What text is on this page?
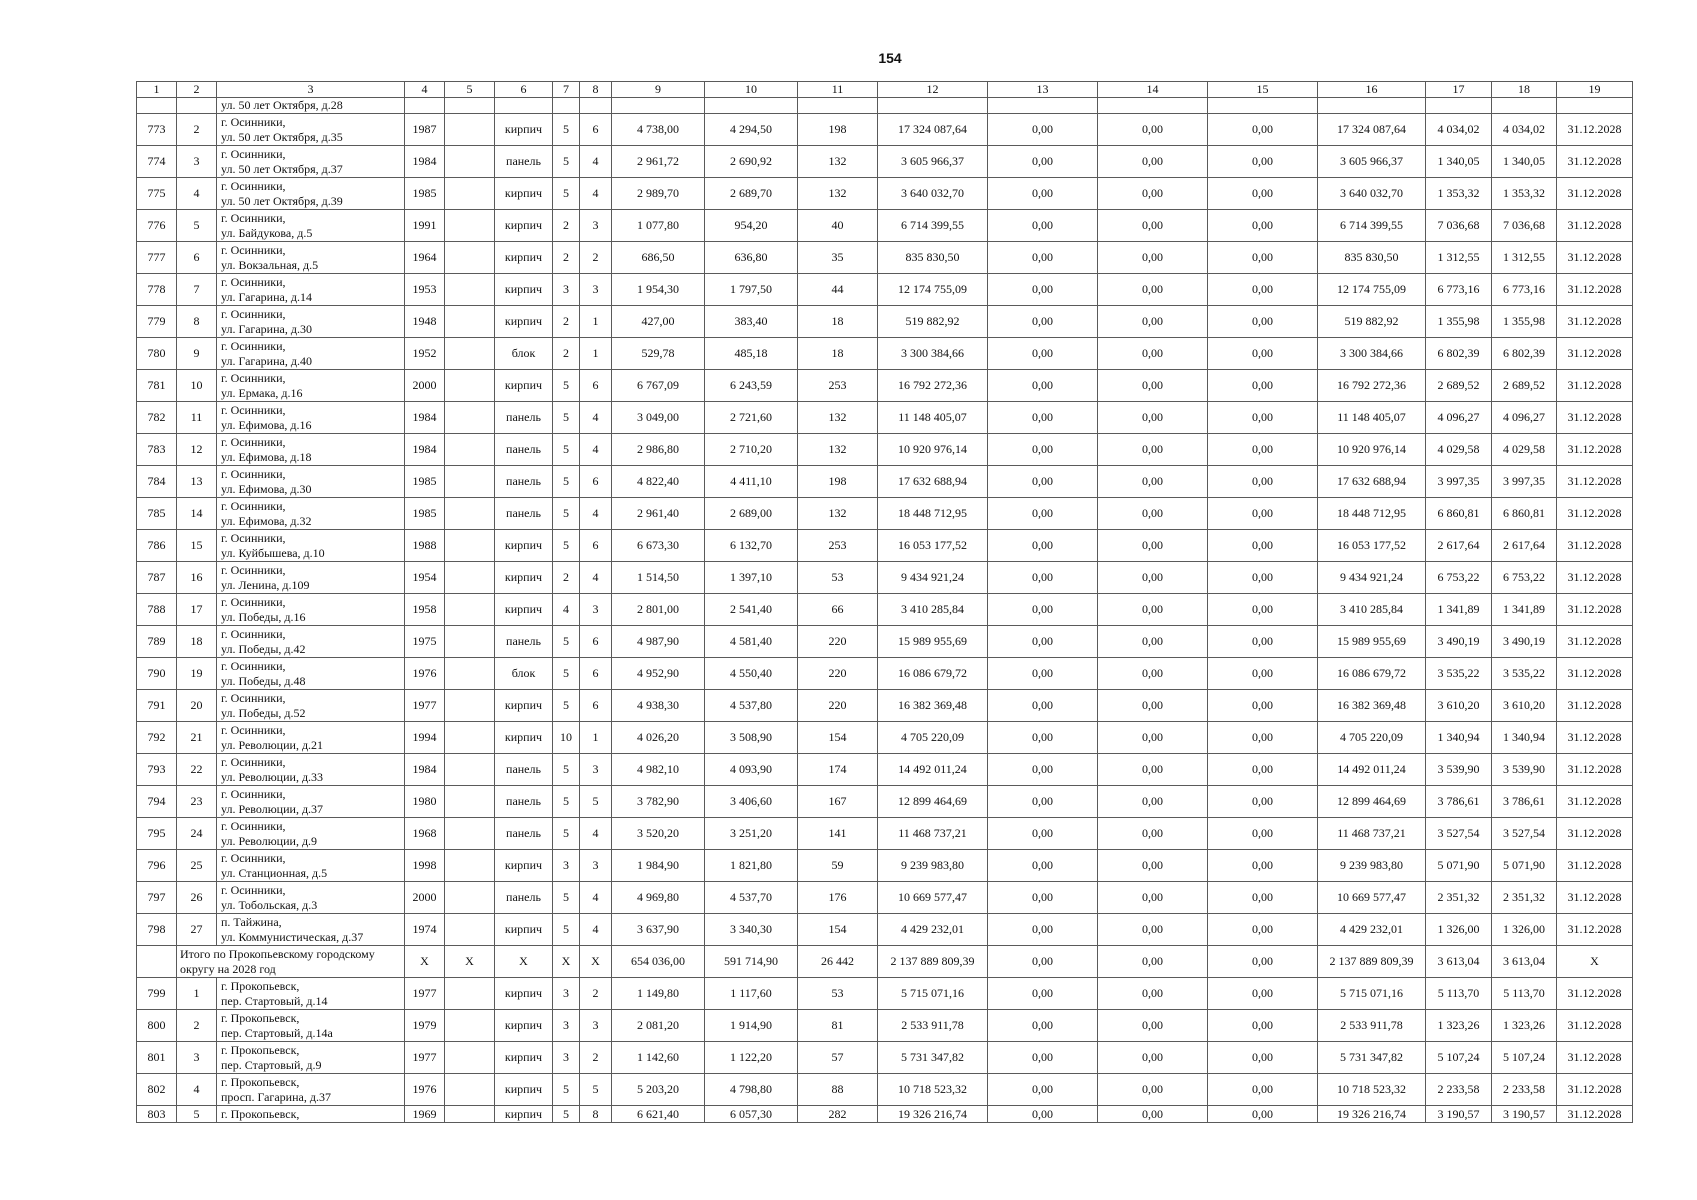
154
1	2	3	4	5	6	7	8	9	10	11	12	13	14	15	16	17	18	19
		ул. 50 лет Октября, д.28																
773	2	г. Осинники,
ул. 50 лет Октября, д.35	1987		кирпич	5	6	4 738,00	4 294,50	198	17 324 087,64	0,00	0,00	0,00	17 324 087,64	4 034,02	4 034,02	31.12.2028
774	3	г. Осинники,
ул. 50 лет Октября, д.37	1984		панель	5	4	2 961,72	2 690,92	132	3 605 966,37	0,00	0,00	0,00	3 605 966,37	1 340,05	1 340,05	31.12.2028
775	4	г. Осинники,
ул. 50 лет Октября, д.39	1985		кирпич	5	4	2 989,70	2 689,70	132	3 640 032,70	0,00	0,00	0,00	3 640 032,70	1 353,32	1 353,32	31.12.2028
776	5	г. Осинники,
ул. Байдукова, д.5	1991		кирпич	2	3	1 077,80	954,20	40	6 714 399,55	0,00	0,00	0,00	6 714 399,55	7 036,68	7 036,68	31.12.2028
777	6	г. Осинники,
ул. Вокзальная, д.5	1964		кирпич	2	2	686,50	636,80	35	835 830,50	0,00	0,00	0,00	835 830,50	1 312,55	1 312,55	31.12.2028
778	7	г. Осинники,
ул. Гагарина, д.14	1953		кирпич	3	3	1 954,30	1 797,50	44	12 174 755,09	0,00	0,00	0,00	12 174 755,09	6 773,16	6 773,16	31.12.2028
779	8	г. Осинники,
ул. Гагарина, д.30	1948		кирпич	2	1	427,00	383,40	18	519 882,92	0,00	0,00	0,00	519 882,92	1 355,98	1 355,98	31.12.2028
780	9	г. Осинники,
ул. Гагарина, д.40	1952		блок	2	1	529,78	485,18	18	3 300 384,66	0,00	0,00	0,00	3 300 384,66	6 802,39	6 802,39	31.12.2028
781	10	г. Осинники,
ул. Ермака, д.16	2000		кирпич	5	6	6 767,09	6 243,59	253	16 792 272,36	0,00	0,00	0,00	16 792 272,36	2 689,52	2 689,52	31.12.2028
782	11	г. Осинники,
ул. Ефимова, д.16	1984		панель	5	4	3 049,00	2 721,60	132	11 148 405,07	0,00	0,00	0,00	11 148 405,07	4 096,27	4 096,27	31.12.2028
783	12	г. Осинники,
ул. Ефимова, д.18	1984		панель	5	4	2 986,80	2 710,20	132	10 920 976,14	0,00	0,00	0,00	10 920 976,14	4 029,58	4 029,58	31.12.2028
784	13	г. Осинники,
ул. Ефимова, д.30	1985		панель	5	6	4 822,40	4 411,10	198	17 632 688,94	0,00	0,00	0,00	17 632 688,94	3 997,35	3 997,35	31.12.2028
785	14	г. Осинники,
ул. Ефимова, д.32	1985		панель	5	4	2 961,40	2 689,00	132	18 448 712,95	0,00	0,00	0,00	18 448 712,95	6 860,81	6 860,81	31.12.2028
786	15	г. Осинники,
ул. Куйбышева, д.10	1988		кирпич	5	6	6 673,30	6 132,70	253	16 053 177,52	0,00	0,00	0,00	16 053 177,52	2 617,64	2 617,64	31.12.2028
787	16	г. Осинники,
ул. Ленина, д.109	1954		кирпич	2	4	1 514,50	1 397,10	53	9 434 921,24	0,00	0,00	0,00	9 434 921,24	6 753,22	6 753,22	31.12.2028
788	17	г. Осинники,
ул. Победы, д.16	1958		кирпич	4	3	2 801,00	2 541,40	66	3 410 285,84	0,00	0,00	0,00	3 410 285,84	1 341,89	1 341,89	31.12.2028
789	18	г. Осинники,
ул. Победы, д.42	1975		панель	5	6	4 987,90	4 581,40	220	15 989 955,69	0,00	0,00	0,00	15 989 955,69	3 490,19	3 490,19	31.12.2028
790	19	г. Осинники,
ул. Победы, д.48	1976		блок	5	6	4 952,90	4 550,40	220	16 086 679,72	0,00	0,00	0,00	16 086 679,72	3 535,22	3 535,22	31.12.2028
791	20	г. Осинники,
ул. Победы, д.52	1977		кирпич	5	6	4 938,30	4 537,80	220	16 382 369,48	0,00	0,00	0,00	16 382 369,48	3 610,20	3 610,20	31.12.2028
792	21	г. Осинники,
ул. Революции, д.21	1994		кирпич	10	1	4 026,20	3 508,90	154	4 705 220,09	0,00	0,00	0,00	4 705 220,09	1 340,94	1 340,94	31.12.2028
793	22	г. Осинники,
ул. Революции, д.33	1984		панель	5	3	4 982,10	4 093,90	174	14 492 011,24	0,00	0,00	0,00	14 492 011,24	3 539,90	3 539,90	31.12.2028
794	23	г. Осинники,
ул. Революции, д.37	1980		панель	5	5	3 782,90	3 406,60	167	12 899 464,69	0,00	0,00	0,00	12 899 464,69	3 786,61	3 786,61	31.12.2028
795	24	г. Осинники,
ул. Революции, д.9	1968		панель	5	4	3 520,20	3 251,20	141	11 468 737,21	0,00	0,00	0,00	11 468 737,21	3 527,54	3 527,54	31.12.2028
796	25	г. Осинники,
ул. Станционная, д.5	1998		кирпич	3	3	1 984,90	1 821,80	59	9 239 983,80	0,00	0,00	0,00	9 239 983,80	5 071,90	5 071,90	31.12.2028
797	26	г. Осинники,
ул. Тобольская, д.3	2000		панель	5	4	4 969,80	4 537,70	176	10 669 577,47	0,00	0,00	0,00	10 669 577,47	2 351,32	2 351,32	31.12.2028
798	27	п. Тайжина,
ул. Коммунистическая, д.37	1974		кирпич	5	4	3 637,90	3 340,30	154	4 429 232,01	0,00	0,00	0,00	4 429 232,01	1 326,00	1 326,00	31.12.2028
	Итого по Прокопьевскому городскому округу на 2028 год		X	X	X	X	X	654 036,00	591 714,90	26 442	2 137 889 809,39	0,00	0,00	0,00	2 137 889 809,39	3 613,04	3 613,04	X
799	1	г. Прокопьевск,
пер. Стартовый, д.14	1977		кирпич	3	2	1 149,80	1 117,60	53	5 715 071,16	0,00	0,00	0,00	5 715 071,16	5 113,70	5 113,70	31.12.2028
800	2	г. Прокопьевск,
пер. Стартовый, д.14а	1979		кирпич	3	3	2 081,20	1 914,90	81	2 533 911,78	0,00	0,00	0,00	2 533 911,78	1 323,26	1 323,26	31.12.2028
801	3	г. Прокопьевск,
пер. Стартовый, д.9	1977		кирпич	3	2	1 142,60	1 122,20	57	5 731 347,82	0,00	0,00	0,00	5 731 347,82	5 107,24	5 107,24	31.12.2028
802	4	г. Прокопьевск,
просп. Гагарина, д.37	1976		кирпич	5	5	5 203,20	4 798,80	88	10 718 523,32	0,00	0,00	0,00	10 718 523,32	2 233,58	2 233,58	31.12.2028
803	5	г. Прокопьевск,	1969		кирпич	5	8	6 621,40	6 057,30	282	19 326 216,74	0,00	0,00	0,00	19 326 216,74	3 190,57	3 190,57	31.12.2028
